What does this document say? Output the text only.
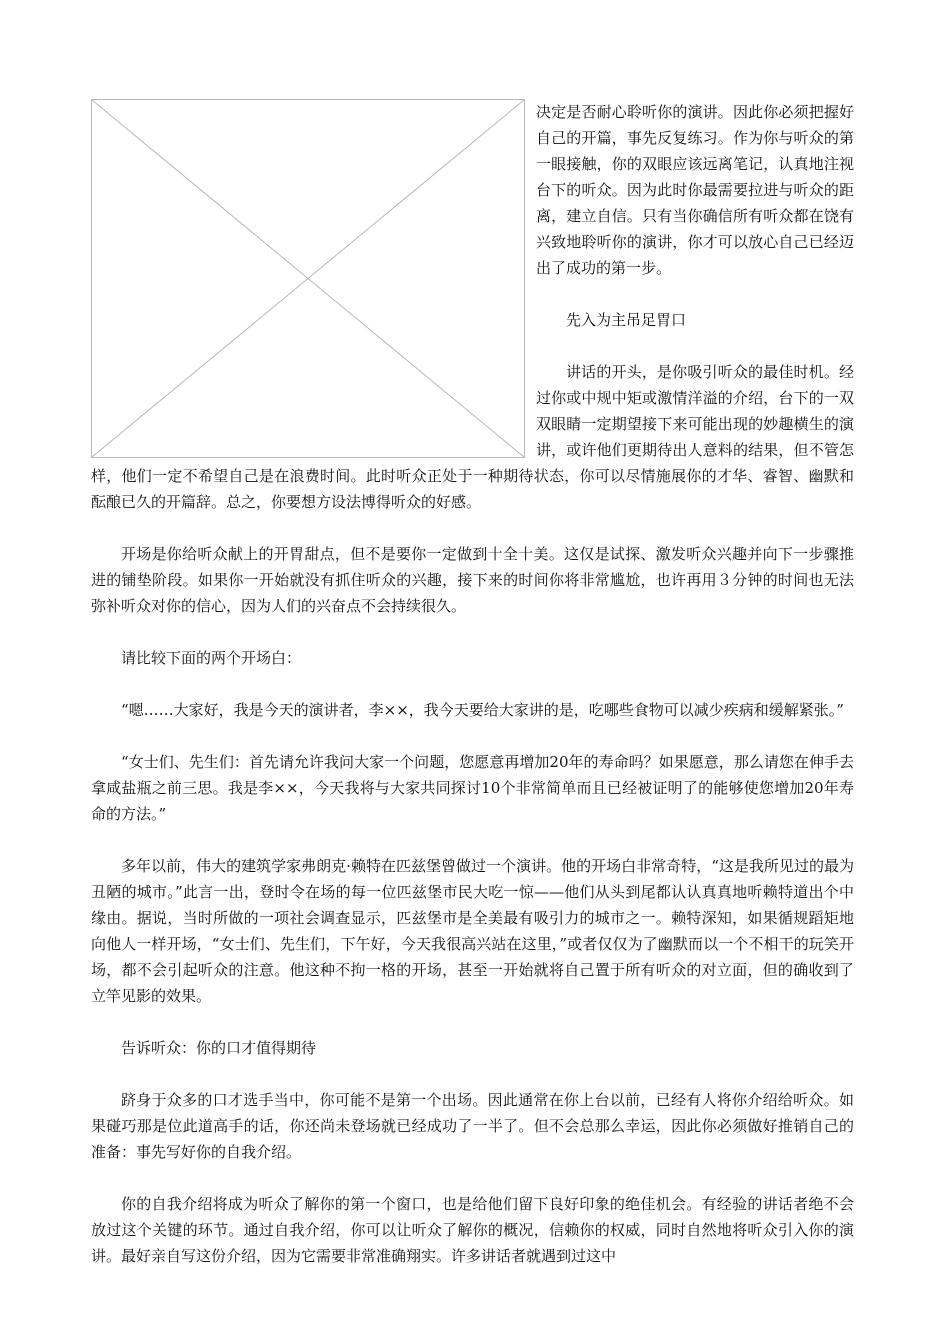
决定是否耐心聆听你的演讲。因此你必须把握好自己的开篇，事先反复练习。作为你与听众的第一眼接触，你的双眼应该远离笔记，认真地注视台下的听众。因为此时你最需要拉进与听众的距离，建立自信。只有当你确信所有听众都在饶有兴致地聆听你的演讲，你才可以放心自己已经迈出了成功的第一步。

先入为主吊足胃口

讲话的开头，是你吸引听众的最佳时机。经过你或中规中矩或激情洋溢的介绍，台下的一双双眼睛一定期望接下来可能出现的妙趣横生的演讲，或许他们更期待出人意料的结果，但不管怎样，他们一定不希望自己是在浪费时间。此时听众正处于一种期待状态，你可以尽情施展你的才华、睿智、幽默和酝酿已久的开篇辞。总之，你要想方设法博得听众的好感。

开场是你给听众献上的开胃甜点，但不是要你一定做到十全十美。这仅是试探、激发听众兴趣并向下一步骤推进的铺垫阶段。如果你一开始就没有抓住听众的兴趣，接下来的时间你将非常尴尬，也许再用３分钟的时间也无法弥补听众对你的信心，因为人们的兴奋点不会持续很久。

请比较下面的两个开场白：

“嗯……大家好，我是今天的演讲者，李××，我今天要给大家讲的是，吃哪些食物可以减少疾病和缓解紧张。”

“女士们、先生们：首先请允许我问大家一个问题，您愿意再增加20年的寿命吗？如果愿意，那么请您在伸手去拿咸盐瓶之前三思。我是李××，今天我将与大家共同探讨10个非常简单而且已经被证明了的能够使您增加20年寿命的方法。”

多年以前，伟大的建筑学家弗朗克·赖特在匹兹堡曾做过一个演讲。他的开场白非常奇特，“这是我所见过的最为丑陋的城市。”此言一出，登时令在场的每一位匹兹堡市民大吃一惊——他们从头到尾都认认真真地听赖特道出个中缘由。据说，当时所做的一项社会调查显示，匹兹堡市是全美最有吸引力的城市之一。赖特深知，如果循规蹈矩地向他人一样开场，“女士们、先生们，下午好，今天我很高兴站在这里，”或者仅仅为了幽默而以一个不相干的玩笑开场，都不会引起听众的注意。他这种不拘一格的开场，甚至一开始就将自己置于所有听众的对立面，但的确收到了立竿见影的效果。

告诉听众：你的口才值得期待

跻身于众多的口才选手当中，你可能不是第一个出场。因此通常在你上台以前，已经有人将你介绍给听众。如果碰巧那是位此道高手的话，你还尚未登场就已经成功了一半了。但不会总那么幸运，因此你必须做好推销自己的准备：事先写好你的自我介绍。

你的自我介绍将成为听众了解你的第一个窗口，也是给他们留下良好印象的绝佳机会。有经验的讲话者绝不会放过这个关键的环节。通过自我介绍，你可以让听众了解你的概况，信赖你的权威，同时自然地将听众引入你的演讲。最好亲自写这份介绍，因为它需要非常准确翔实。许多讲话者就遇到过这中
